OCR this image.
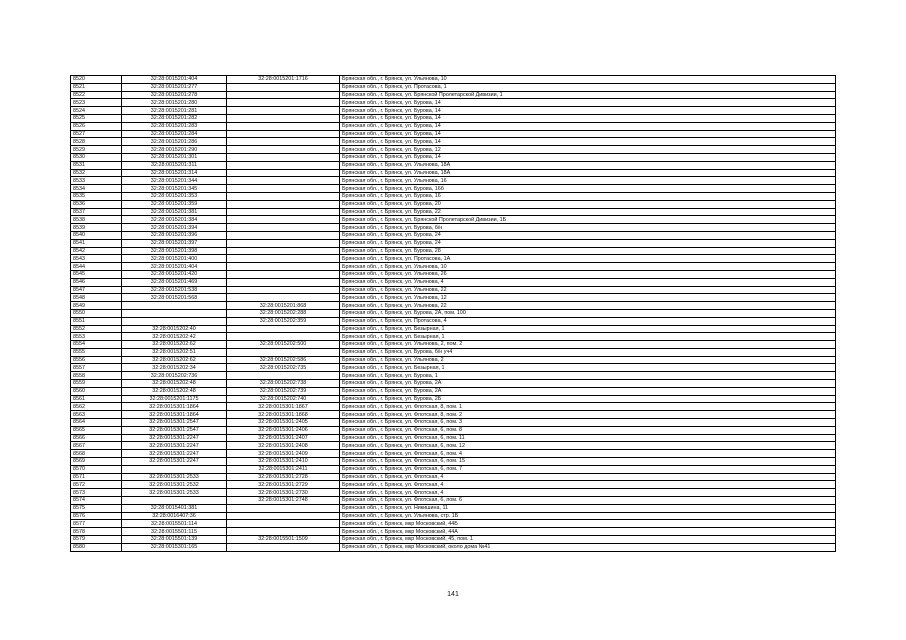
8520	32:28:0015201:404	32:28:0015201:1716	Брянская обл., г. Брянск, ул. Ульянова, 10
8521	32:28:0015201:277		Брянская обл., г. Брянск, ул. Протасова, 1
8522	32:28:0015201:278		Брянская обл., г. Брянск, ул. Брянской Пролетарской Дивизии, 1
8523	32:28:0015201:280		Брянская обл., г. Брянск, ул. Бурова, 14
8524	32:28:0015201:281		Брянская обл., г. Брянск, ул. Бурова, 14
8525	32:28:0015201:282		Брянская обл., г. Брянск, ул. Бурова, 14
8526	32:28:0015201:283		Брянская обл., г. Брянск, ул. Бурова, 14
8527	32:28:0015201:284		Брянская обл., г. Брянск, ул. Бурова, 14
8528	32:28:0015201:286		Брянская обл., г. Брянск, ул. Бурова, 14
8529	32:28:0015201:290		Брянская обл., г. Брянск, ул. Бурова, 12
8530	32:28:0015201:301		Брянская обл., г. Брянск, ул. Бурова, 14
8531	32:28:0015201:311		Брянская обл., г. Брянск, ул. Ульянова, 18А
8532	32:28:0015201:314		Брянская обл., г. Брянск, ул. Ульянова, 18А
8533	32:28:0015201:344		Брянская обл., г. Брянск, ул. Ульянова, 16
8534	32:28:0015201:345		Брянская обл., г. Брянск, ул. Бурова, 16б
8535	32:28:0015201:353		Брянская обл., г. Брянск, ул. Бурова, 16
8536	32:28:0015201:359		Брянская обл., г. Брянск, ул. Бурова, 20
8537	32:28:0015201:381		Брянская обл., г. Брянск, ул. Бурова, 22
8538	32:28:0015201:384		Брянская обл., г. Брянск, ул. Брянской Пролетарской Дивизии, 1Б
8539	32:28:0015201:394		Брянская обл., г. Брянск, ул. Бурова, б/н
8540	32:28:0015201:396		Брянская обл., г. Брянск, ул. Бурова, 24
8541	32:28:0015201:397		Брянская обл., г. Брянск, ул. Бурова, 24
8542	32:28:0015201:398		Брянская обл., г. Брянск, ул. Бурова, 28
8543	32:28:0015201:400		Брянская обл., г. Брянск, ул. Протасова, 1А
8544	32:28:0015201:404		Брянская обл., г. Брянск, ул. Ульянова, 10
8545	32:28:0015201:420		Брянская обл., г. Брянск, ул. Ульянова, 26
8546	32:28:0015201:469		Брянская обл., г. Брянск, ул. Ульянова, 4
8547	32:28:0015201:538		Брянская обл., г. Брянск, ул. Ульянова, 22
8548	32:28:0015201:568		Брянская обл., г. Брянск, ул. Ульянова, 12
8549		32:28:0015201:868	Брянская обл., г. Брянск, ул. Ульянова, 22
8550		32:28:0015202:288	Брянская обл., г. Брянск, ул. Бурова, 2А, пом. 100
8551		32:28:0015202:359	Брянская обл., г. Брянск, ул. Протасова, 4
8552	32:28:0015202:40		Брянская обл., г. Брянск, ул. Безырная, 1
8553	32:28:0015202:42		Брянская обл., г. Брянск, ул. Безырная, 1
8554	32:28:0015202:62	32:28:0015202:500	Брянская обл., г. Брянск, ул. Ульянова, 2, пом. 2
8555	32:28:0015202:51		Брянская обл., г. Брянск, ул. Бурова, б/н уч4
8556	32:28:0015202:62	32:28:0015202:586	Брянская обл., г. Брянск, ул. Ульянова, 2
8557	32:28:0015202:34	32:28:0015202:735	Брянская обл., г. Брянск, ул. Безырная, 1
8558	32:28:0015202:736		Брянская обл., г. Брянск, ул. Бурова, 1
8559	32:28:0015202:48	32:28:0015202:738	Брянская обл., г. Брянск, ул. Бурова, 2А
8560	32:28:0015202:48	32:28:0015202:739	Брянская обл., г. Брянск, ул. Бурова, 2А
8561	32:28:0015201:1175	32:28:0015202:740	Брянская обл., г. Брянск, ул. Бурова, 2Б
8562	32:28:0015301:1864	32:28:0015301:1867	Брянская обл., г. Брянск, ул. Флотская, 8, пом. 1
8563	32:28:0015301:1864	32:28:0015301:1868	Брянская обл., г. Брянск, ул. Флотская, 8, пом. 2
8564	32:28:0015301:2547	32:28:0015301:2405	Брянская обл., г. Брянск, ул. Флотская, 6, пом. 3
8565	32:28:0015301:2547	32:28:0015301:2406	Брянская обл., г. Брянск, ул. Флотская, 6, пом. 8
8566	32:28:0015301:2247	32:28:0015301:2407	Брянская обл., г. Брянск, ул. Флотская, 6, пом. 11
8567	32:28:0015301:2247	32:28:0015301:2408	Брянская обл., г. Брянск, ул. Флотская, 6, пом. 12
8568	32:28:0015301:2247	32:28:0015301:2409	Брянская обл., г. Брянск, ул. Флотская, 6, пом. 4
8569	32:28:0015301:2247	32:28:0015301:2410	Брянская обл., г. Брянск, ул. Флотская, 6, пом. 15
8570		32:28:0015301:2411	Брянская обл., г. Брянск, ул. Флотская, 6, пом. 7
8571	32:28:0015301:2533	32:28:0015301:2728	Брянская обл., г. Брянск, ул. Флотская, 4
8572	32:28:0015301:2532	32:28:0015301:2729	Брянская обл., г. Брянск, ул. Флотская, 4
8573	32:28:0015301:2533	32:28:0015301:2730	Брянская обл., г. Брянск, ул. Флотская, 4
8574		32:28:0015301:2748	Брянская обл., г. Брянск, ул. Флотская, 6, пом. 6
8575	32:28:0015401:381		Брянская обл., г. Брянск, ул. Никишина, 11
8576	32:28:0016407:36		Брянская обл., г. Брянск, ул. Ульянова, стр. 1Б
8577	32:28:0015501:114		Брянская обл., г. Брянск, мкр Московский, 44Б
8578	32:28:0015501:115		Брянская обл., г. Брянск, мкр Московский, 44А
8579	32:28:0015501:139	32:28:0015501:1509	Брянская обл., г. Брянск, мкр Московский, 45, пом. 1
8580	32:28:0015301:165		Брянская обл., г. Брянск, мкр Московский, около дома №41
141
